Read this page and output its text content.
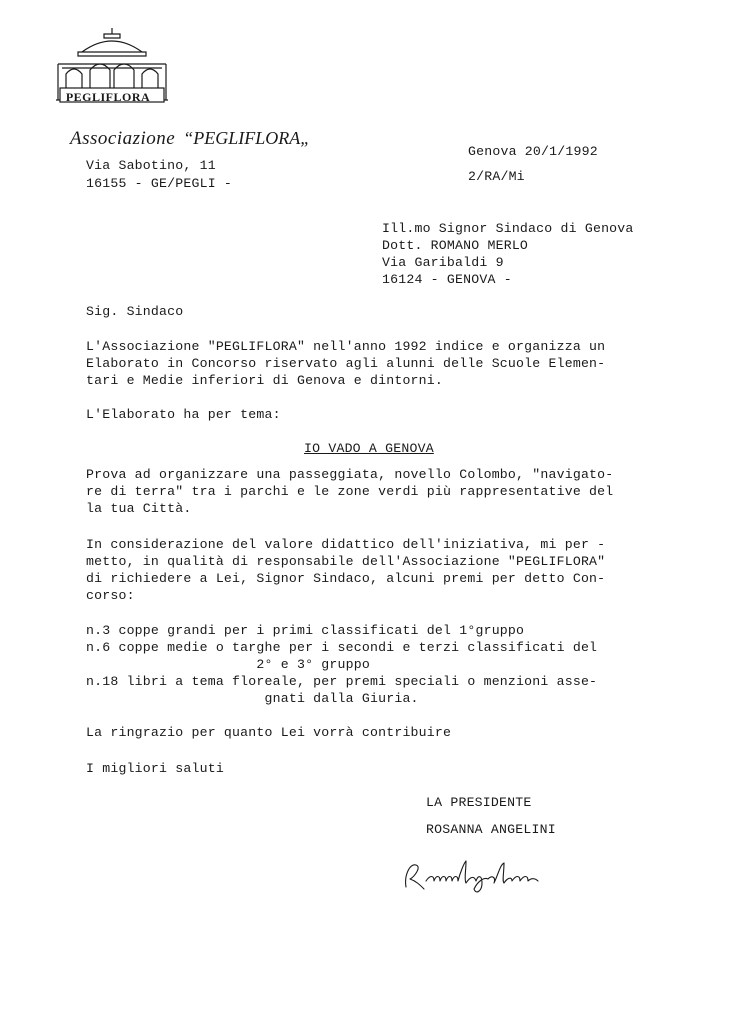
PEGLIFLORA
Associazione “PEGLIFLORA„
Via Sabotino, 11
16155 - GE/PEGLI -
Genova 20/1/1992
2/RA/Mi

Ill.mo Signor Sindaco di Genova

Dott. ROMANO MERLO

Via Garibaldi 9

16124 - GENOVA -

Sig. Sindaco

L'Associazione "PEGLIFLORA" nell'anno 1992 indice e organizza un

Elaborato in Concorso riservato agli alunni delle Scuole Elemen-

tari e Medie inferiori di Genova e dintorni.

L'Elaborato ha per tema:
IO VADO A GENOVA

Prova ad organizzare una passeggiata, novello Colombo, "navigato-

re di terra" tra i parchi e le zone verdi più rappresentative del

la tua Città.

In considerazione del valore didattico dell'iniziativa, mi per -

metto, in qualità di responsabile dell'Associazione "PEGLIFLORA"

di richiedere a Lei, Signor Sindaco, alcuni premi per detto Con-

corso:

n.3 coppe grandi per i primi classificati del 1°gruppo

n.6 coppe medie o targhe per i secondi e terzi classificati del

2° e 3° gruppo

n.18 libri a tema floreale, per premi speciali o menzioni asse-

gnati dalla Giuria.

La ringrazio per quanto Lei vorrà contribuire
I migliori saluti
LA PRESIDENTE
ROSANNA ANGELINI
